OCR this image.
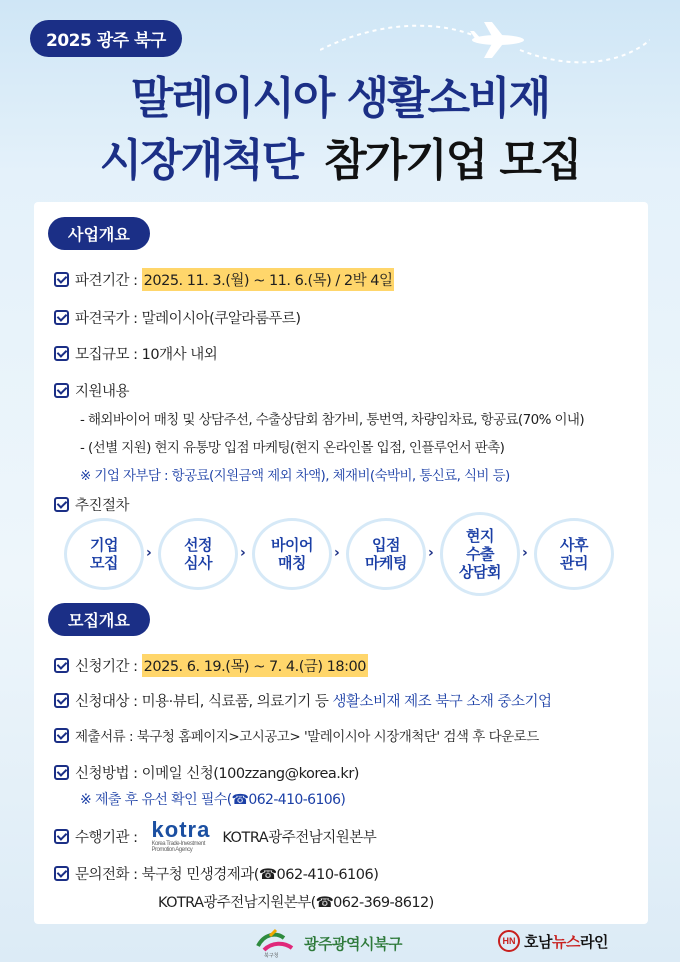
2025 광주 북구
말레이시아 생활소비재
시장개척단 참가기업 모집
사업개요
파견기간 :
2025. 11. 3.(월) ~ 11. 6.(목) / 2박 4일
파견국가 : 말레이시아(쿠알라룸푸르)
모집규모 : 10개사 내외
지원내용
- 해외바이어 매칭 및 상담주선, 수출상담회 참가비, 통번역, 차량임차료, 항공료(70% 이내)
- (선별 지원) 현지 유통망 입점 마케팅(현지 온라인몰 입점, 인플루언서 판촉)
※ 기업 자부담 : 항공료(지원금액 제외 차액), 체재비(숙박비, 통신료, 식비 등)
추진절차
기업
모집
› 선정
심사
› 바이어
매칭
›	입점
마케팅
›
현지
수출
상담회
› 사후
관리
모집개요
신청기간 :
2025. 6. 19.(목) ~ 7. 4.(금) 18:00
신청대상 : 미용·뷰티, 식료품, 의료기기 등 생활소비재 제조 북구 소재 중소기업
제출서류 : 북구청 홈페이지>고시공고> '말레이시아 시장개척단' 검색 후 다운로드
신청방법 : 이메일 신청(100zzang@korea.kr)
※ 제출 후 유선 확인 필수(☎062-410-6106)
수행기관 : kotra
Korea Trade-Investment
Promotion Agency
KOTRA광주전남지원본부
문의전화 : 북구청 민생경제과(☎062-410-6106)
KOTRA광주전남지원본부(☎062-369-8612)
북구청
광주광역시북구	HN 호남뉴스라인
